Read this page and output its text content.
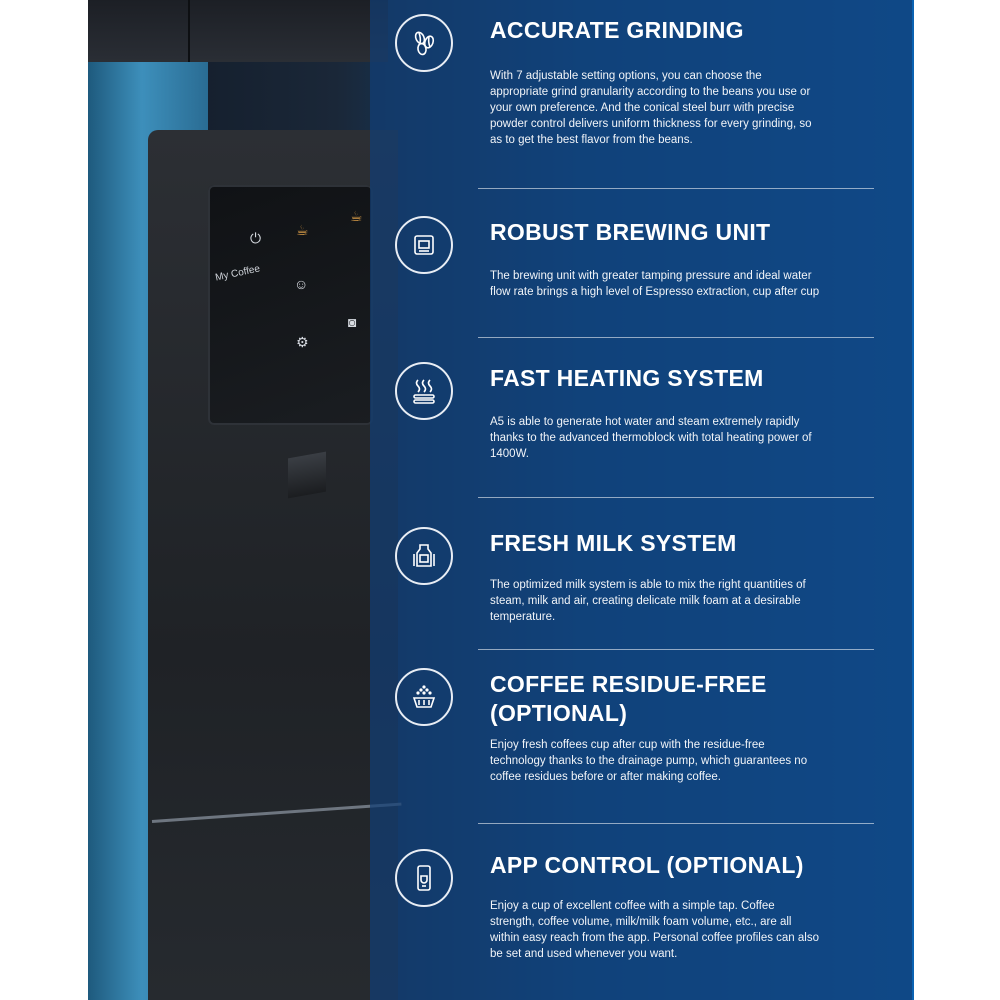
⏻ ☕
☕
☺
⚙
◙
My Coffee
ACCURATE GRINDING
With 7 adjustable setting options, you can choose the appropriate grind granularity according to the beans you use or your own preference. And the conical steel burr with precise powder control delivers uniform thickness for every grinding, so as to get the best flavor from the beans.
ROBUST BREWING UNIT
The brewing unit with greater tamping pressure and ideal water flow rate brings a high level of Espresso extraction, cup after cup
FAST HEATING SYSTEM
A5 is able to generate hot water and steam extremely rapidly thanks to the advanced thermoblock with total heating power of 1400W.
FRESH MILK SYSTEM
The optimized milk system is able to mix the right quantities of steam, milk and air, creating delicate milk foam at a desirable temperature.
COFFEE RESIDUE-FREE (OPTIONAL)
Enjoy fresh coffees cup after cup with the residue-free technology thanks to the drainage pump, which guarantees no coffee residues before or after making coffee.
APP CONTROL (OPTIONAL)
Enjoy a cup of excellent coffee with a simple tap. Coffee strength, coffee volume, milk/milk foam volume, etc., are all within easy reach from the app. Personal coffee profiles can also be set and used whenever you want.
